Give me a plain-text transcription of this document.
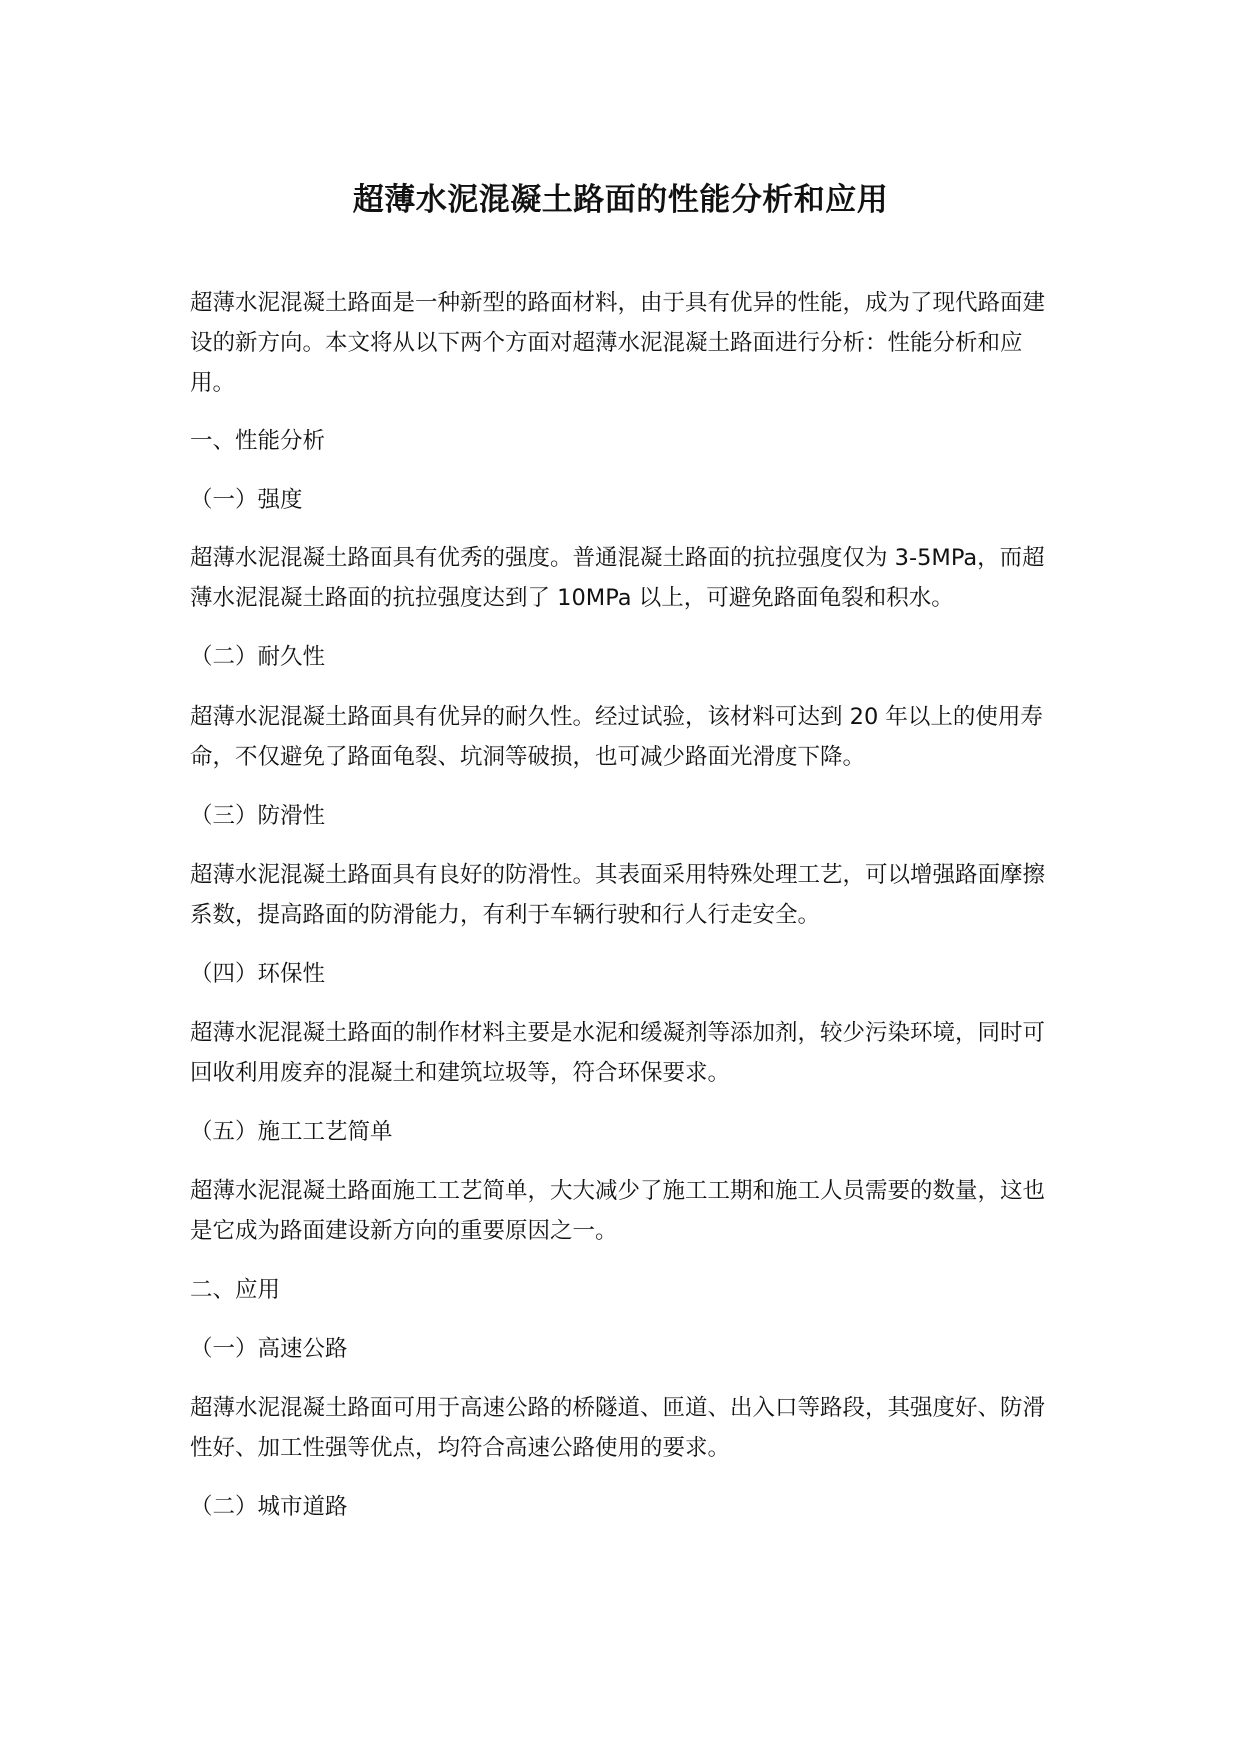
超薄水泥混凝土路面的性能分析和应用

超薄水泥混凝土路面是一种新型的路面材料，由于具有优异的性能，成为了现代路面建设的新方向。本文将从以下两个方面对超薄水泥混凝土路面进行分析：性能分析和应用。

一、性能分析

（一）强度

超薄水泥混凝土路面具有优秀的强度。普通混凝土路面的抗拉强度仅为 3-5MPa，而超薄水泥混凝土路面的抗拉强度达到了 10MPa 以上，可避免路面龟裂和积水。

（二）耐久性

超薄水泥混凝土路面具有优异的耐久性。经过试验，该材料可达到 20 年以上的使用寿命，不仅避免了路面龟裂、坑洞等破损，也可减少路面光滑度下降。

（三）防滑性

超薄水泥混凝土路面具有良好的防滑性。其表面采用特殊处理工艺，可以增强路面摩擦系数，提高路面的防滑能力，有利于车辆行驶和行人行走安全。

（四）环保性

超薄水泥混凝土路面的制作材料主要是水泥和缓凝剂等添加剂，较少污染环境，同时可回收利用废弃的混凝土和建筑垃圾等，符合环保要求。

（五）施工工艺简单

超薄水泥混凝土路面施工工艺简单，大大减少了施工工期和施工人员需要的数量，这也是它成为路面建设新方向的重要原因之一。

二、应用

（一）高速公路

超薄水泥混凝土路面可用于高速公路的桥隧道、匝道、出入口等路段，其强度好、防滑性好、加工性强等优点，均符合高速公路使用的要求。

（二）城市道路
